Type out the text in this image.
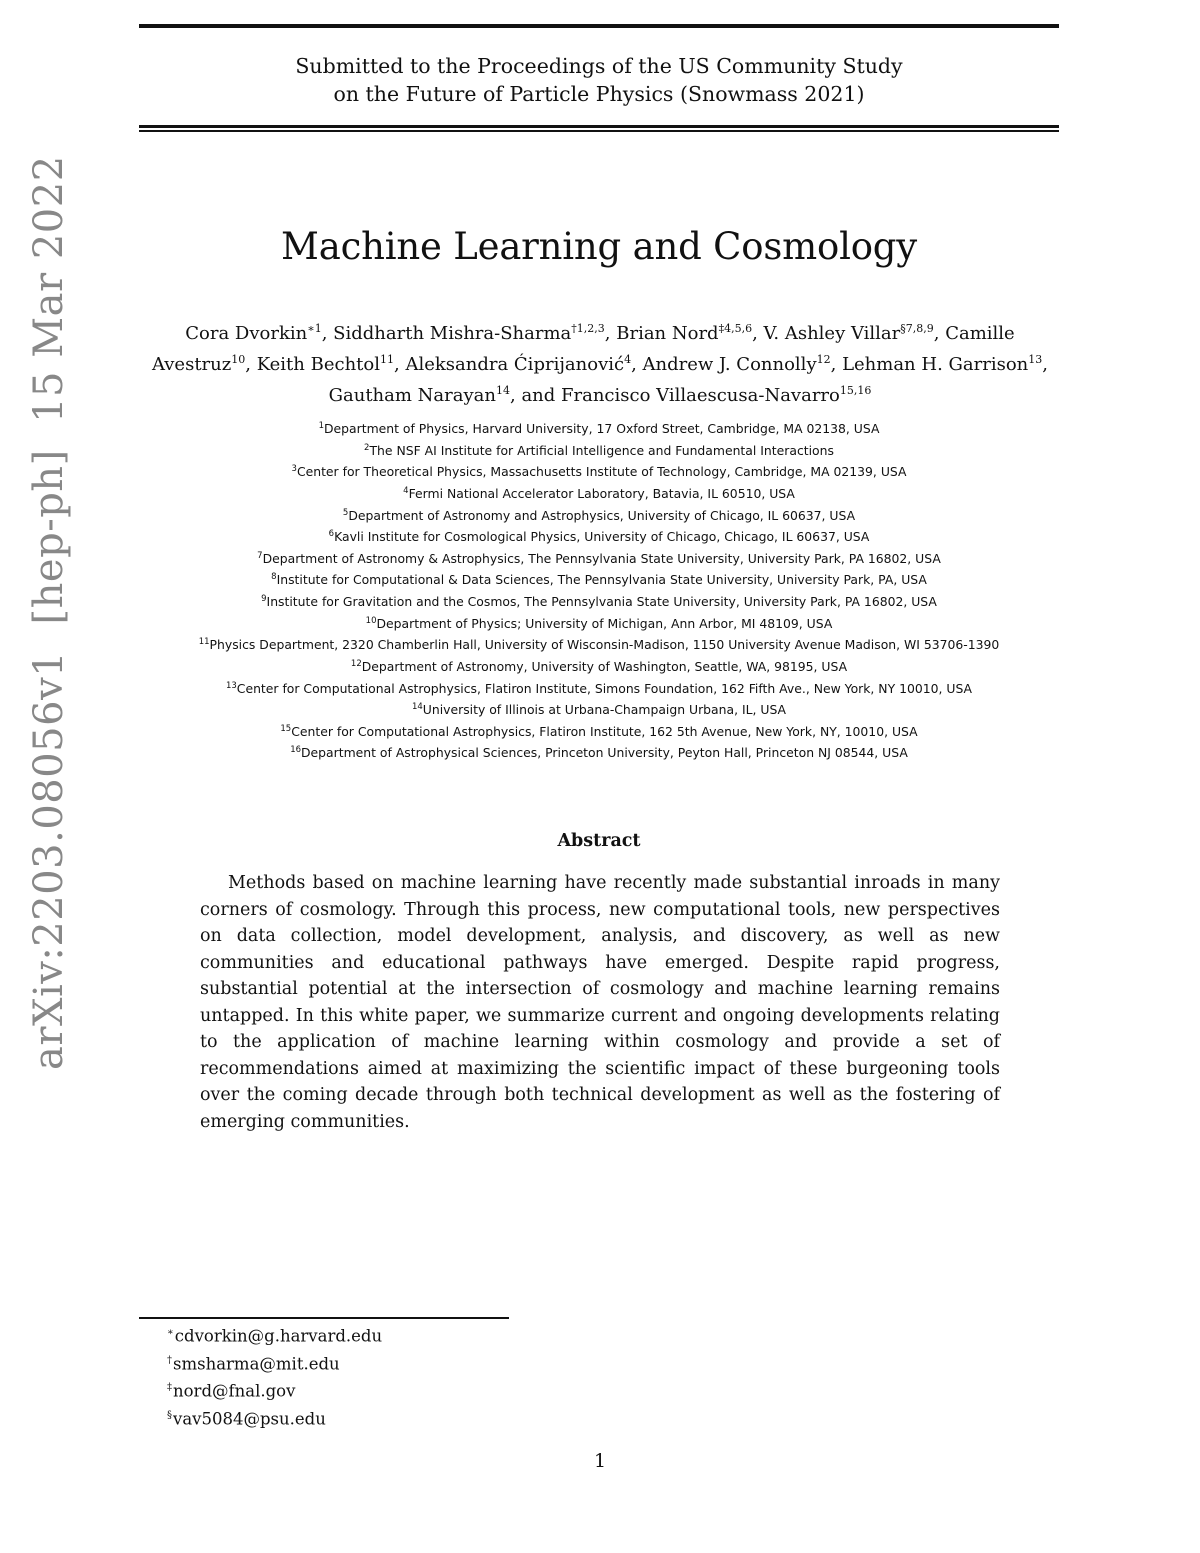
Submitted to the Proceedings of the US Community Study
on the Future of Particle Physics (Snowmass 2021)
Machine Learning and Cosmology
Cora Dvorkin$^{∗1}$, Siddharth Mishra-Sharma$^{\dagger 1,2,3}$, Brian Nord$^{\ddagger 4,5,6}$, V. Ashley Villar$^{\S 7,8,9}$, Camille Avestruz$^{10}$, Keith Bechtol$^{11}$, Aleksandra Ćiprijanović$^4$, Andrew J. Connolly$^{12}$, Lehman H. Garrison$^{13}$, Gautham Narayan$^{14}$, and Francisco Villaescusa-Navarro$^{15,16}$
$^1$Department of Physics, Harvard University, 17 Oxford Street, Cambridge, MA 02138, USA
$^2$The NSF AI Institute for Artificial Intelligence and Fundamental Interactions
$^3$Center for Theoretical Physics, Massachusetts Institute of Technology, Cambridge, MA 02139, USA
$^4$Fermi National Accelerator Laboratory, Batavia, IL 60510, USA
$^5$Department of Astronomy and Astrophysics, University of Chicago, IL 60637, USA
$^6$Kavli Institute for Cosmological Physics, University of Chicago, Chicago, IL 60637, USA
$^7$Department of Astronomy & Astrophysics, The Pennsylvania State University, University Park, PA 16802, USA
$^8$Institute for Computational & Data Sciences, The Pennsylvania State University, University Park, PA, USA
$^9$Institute for Gravitation and the Cosmos, The Pennsylvania State University, University Park, PA 16802, USA
$^{10}$Department of Physics; University of Michigan, Ann Arbor, MI 48109, USA
$^{11}$Physics Department, 2320 Chamberlin Hall, University of Wisconsin-Madison, 1150 University Avenue Madison, WI 53706-1390
$^{12}$Department of Astronomy, University of Washington, Seattle, WA, 98195, USA
$^{13}$Center for Computational Astrophysics, Flatiron Institute, Simons Foundation, 162 Fifth Ave., New York, NY 10010, USA
$^{14}$University of Illinois at Urbana-Champaign Urbana, IL, USA
$^{15}$Center for Computational Astrophysics, Flatiron Institute, 162 5th Avenue, New York, NY, 10010, USA
$^{16}$Department of Astrophysical Sciences, Princeton University, Peyton Hall, Princeton NJ 08544, USA
Abstract

Methods based on machine learning have recently made substantial inroads in many corners of cosmology. Through this process, new computational tools, new perspectives on data collection, model development, analysis, and discovery, as well as new communities and educational pathways have emerged. Despite rapid progress, substantial potential at the intersection of cosmology and machine learning remains untapped. In this white paper, we summarize current and ongoing developments relating to the application of machine learning within cosmology and provide a set of recommendations aimed at maximizing the scientific impact of these burgeoning tools over the coming decade through both technical development as well as the fostering of emerging communities.

∗cdvorkin@g.harvard.edu
†smsharma@mit.edu
‡nord@fnal.gov
§vav5084@psu.edu
1
arXiv:2203.08056v1  [hep-ph]  15 Mar 2022
